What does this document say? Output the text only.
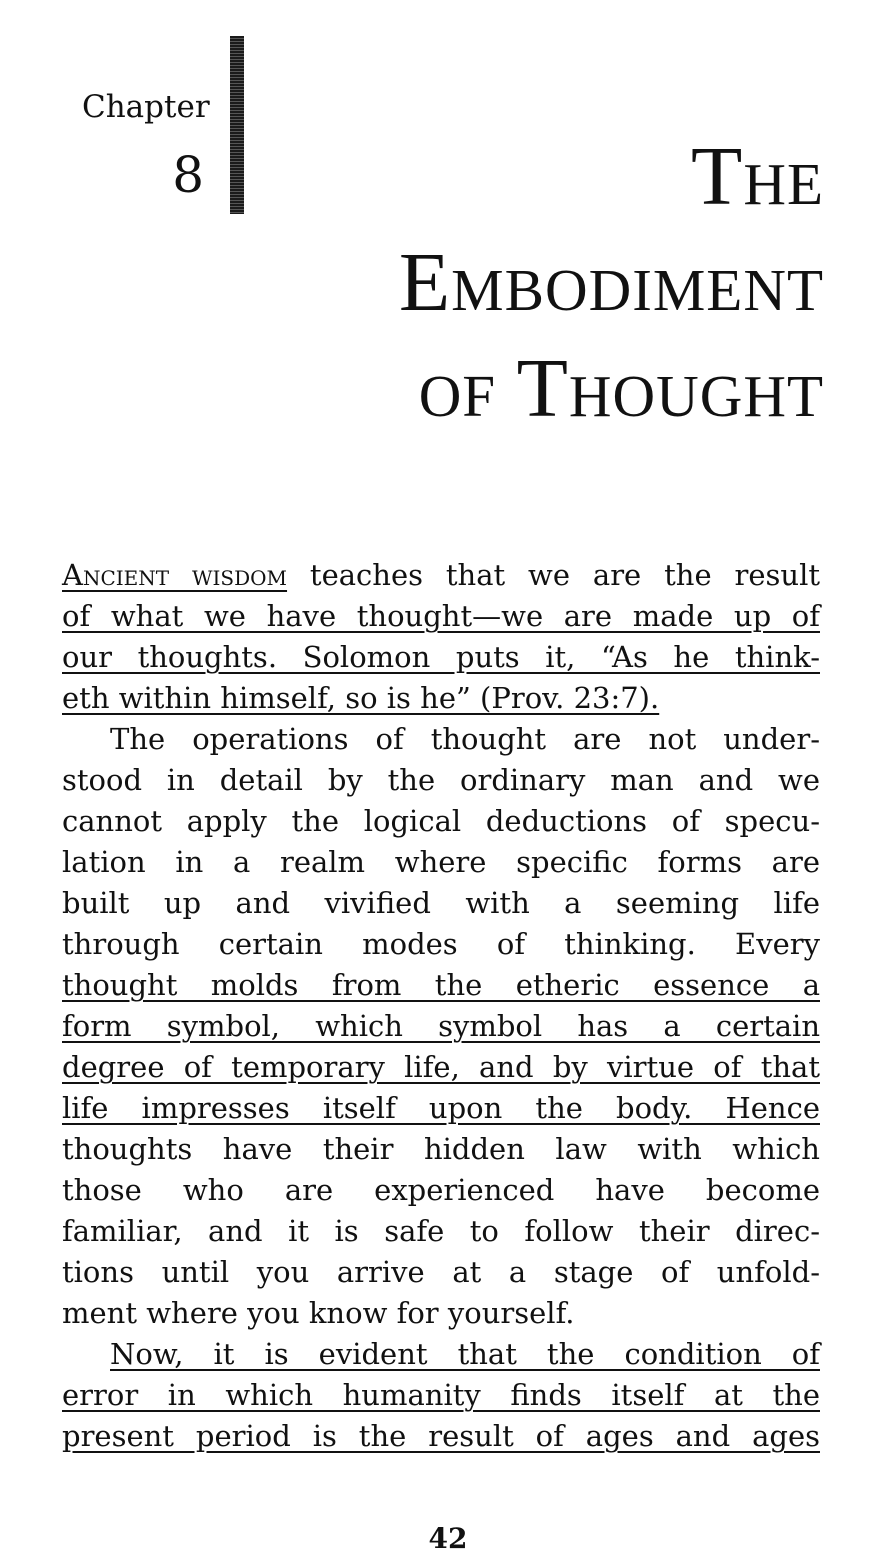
Chapter
8	The
Embodiment
of Thought
Ancient wisdom teaches that we are the result
of what we have thought—we are made up of
our thoughts. Solomon puts it, “As he think-
eth within himself, so is he” (Prov. 23:7).
The operations of thought are not under-
stood in detail by the ordinary man and we
cannot apply the logical deductions of specu-
lation in a realm where specific forms are
built up and vivified with a seeming life
through certain modes of thinking. Every
thought molds from the etheric essence a
form symbol, which symbol has a certain
degree of temporary life, and by virtue of that
life impresses itself upon the body. Hence
thoughts have their hidden law with which
those who are experienced have become
familiar, and it is safe to follow their direc-
tions until you arrive at a stage of unfold-
ment where you know for yourself.
Now, it is evident that the condition of
error in which humanity finds itself at the
present period is the result of ages and ages
42
